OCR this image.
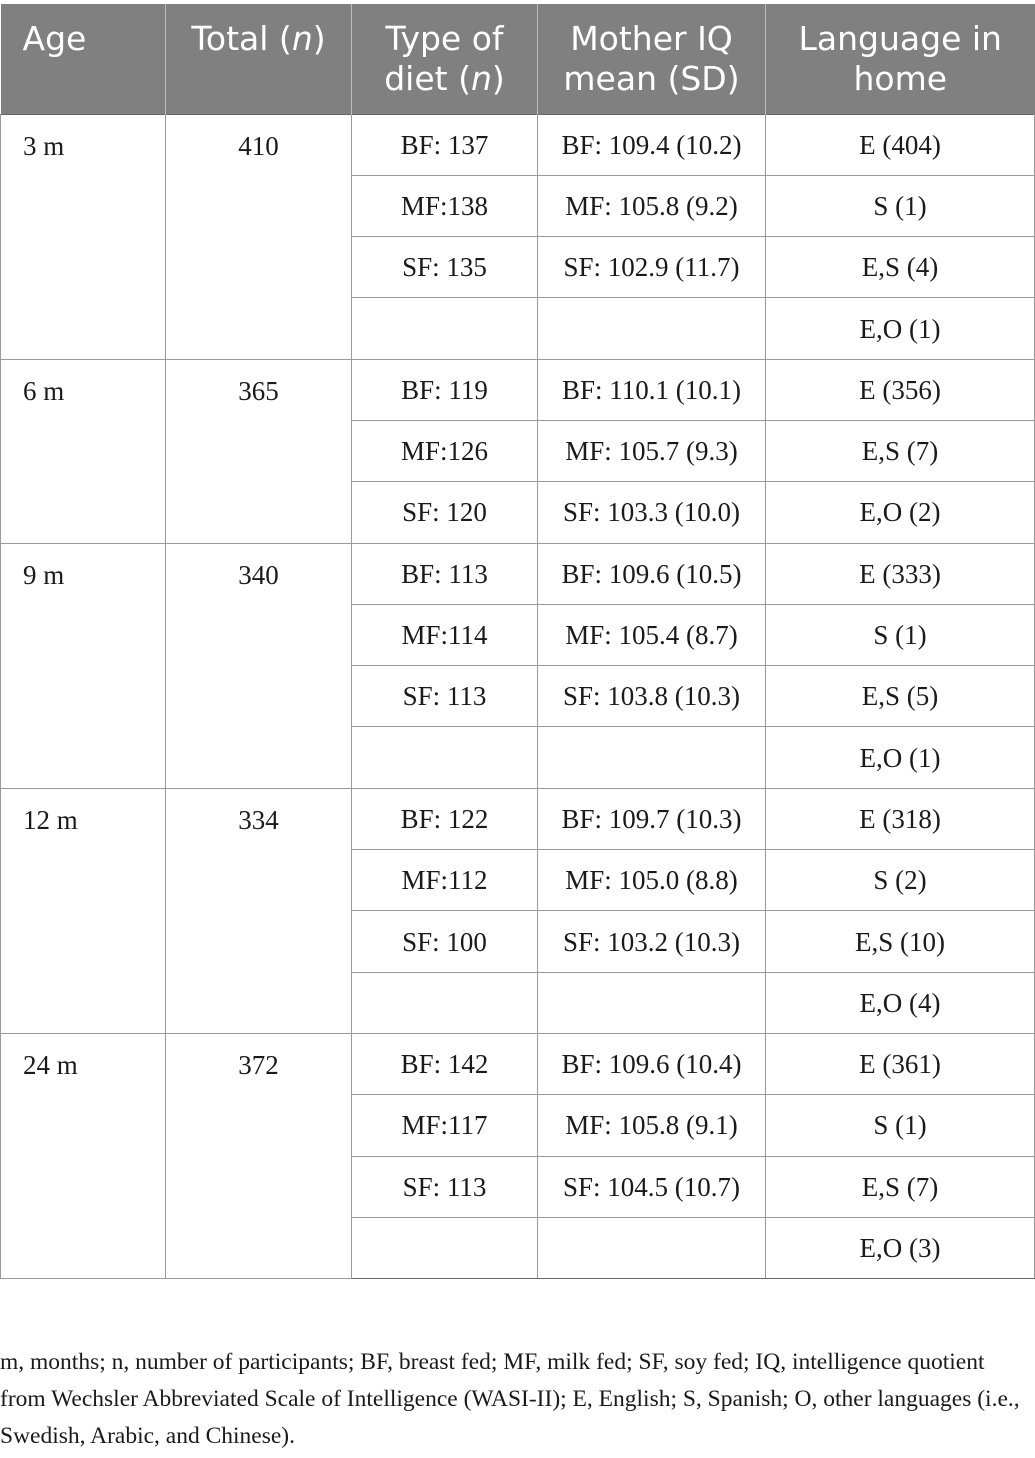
Age	Total (n)	Type of diet (n)	Mother IQ mean (SD)	Language in home
3 m	410	BF: 137	BF: 109.4 (10.2)	E (404)
		MF:138	MF: 105.8 (9.2)	S (1)
		SF: 135	SF: 102.9 (11.7)	E,S (4)
				E,O (1)
6 m	365	BF: 119	BF: 110.1 (10.1)	E (356)
		MF:126	MF: 105.7 (9.3)	E,S (7)
		SF: 120	SF: 103.3 (10.0)	E,O (2)
9 m	340	BF: 113	BF: 109.6 (10.5)	E (333)
		MF:114	MF: 105.4 (8.7)	S (1)
		SF: 113	SF: 103.8 (10.3)	E,S (5)
				E,O (1)
12 m	334	BF: 122	BF: 109.7 (10.3)	E (318)
		MF:112	MF: 105.0 (8.8)	S (2)
		SF: 100	SF: 103.2 (10.3)	E,S (10)
				E,O (4)
24 m	372	BF: 142	BF: 109.6 (10.4)	E (361)
		MF:117	MF: 105.8 (9.1)	S (1)
		SF: 113	SF: 104.5 (10.7)	E,S (7)
				E,O (3)

m, months; n, number of participants; BF, breast fed; MF, milk fed; SF, soy fed; IQ, intelligence quotient from Wechsler Abbreviated Scale of Intelligence (WASI-II); E, English; S, Spanish; O, other languages (i.e., Swedish, Arabic, and Chinese).
